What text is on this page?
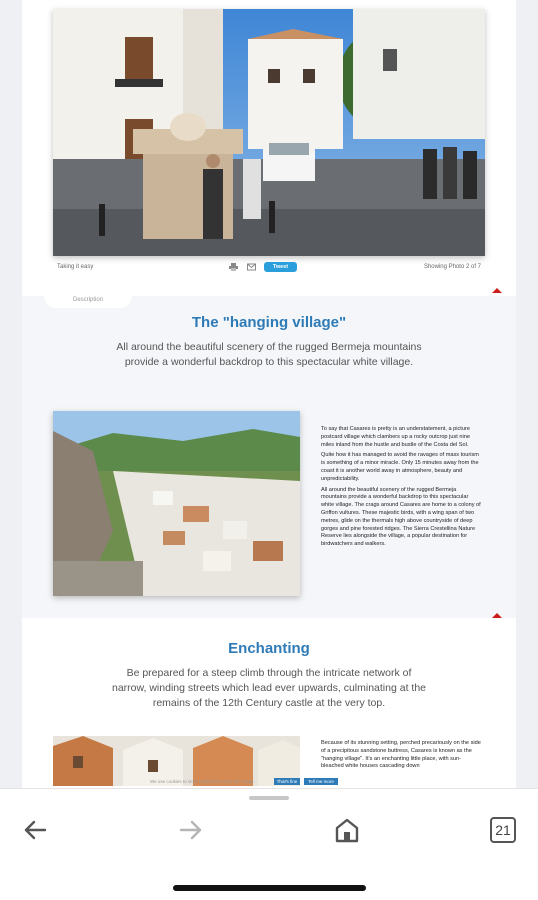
Taking it easy	Tweet	Showing Photo 2 of 7
Description
The "hanging village"

All around the beautiful scenery of the rugged Bermeja mountains provide a wonderful backdrop to this spectacular white village.

To say that Casares is pretty is an understatement, a picture postcard village which clambers up a rocky outcrop just nine miles inland from the hustle and bustle of the Costa del Sol.

Quite how it has managed to avoid the ravages of mass tourism is something of a minor miracle. Only 15 minutes away from the coast it is another world away in atmosphere, beauty and unpredictability.

All around the beautiful scenery of the rugged Bermeja mountains provide a wonderful backdrop to this spectacular white village. The crags around Casares are home to a colony of Griffon vultures. These majestic birds, with a wing span of two metres, glide on the thermals high above countryside of deep gorges and pine forested ridges. The Sierra Crestellina Nature Reserve lies alongside the village, a popular destination for birdwatchers and walkers.

Enchanting

Be prepared for a steep climb through the intricate network of narrow, winding streets which lead ever upwards, culminating at the remains of the 12th Century castle at the very top.

Because of its stunning setting, perched precariously on the side of a precipitous sandstone buttress, Casares is known as the "hanging village". It's an enchanting little place, with sun-bleached white houses cascading down

We use cookies to store preferences and site usage.	That's fine	Tell me more
21
